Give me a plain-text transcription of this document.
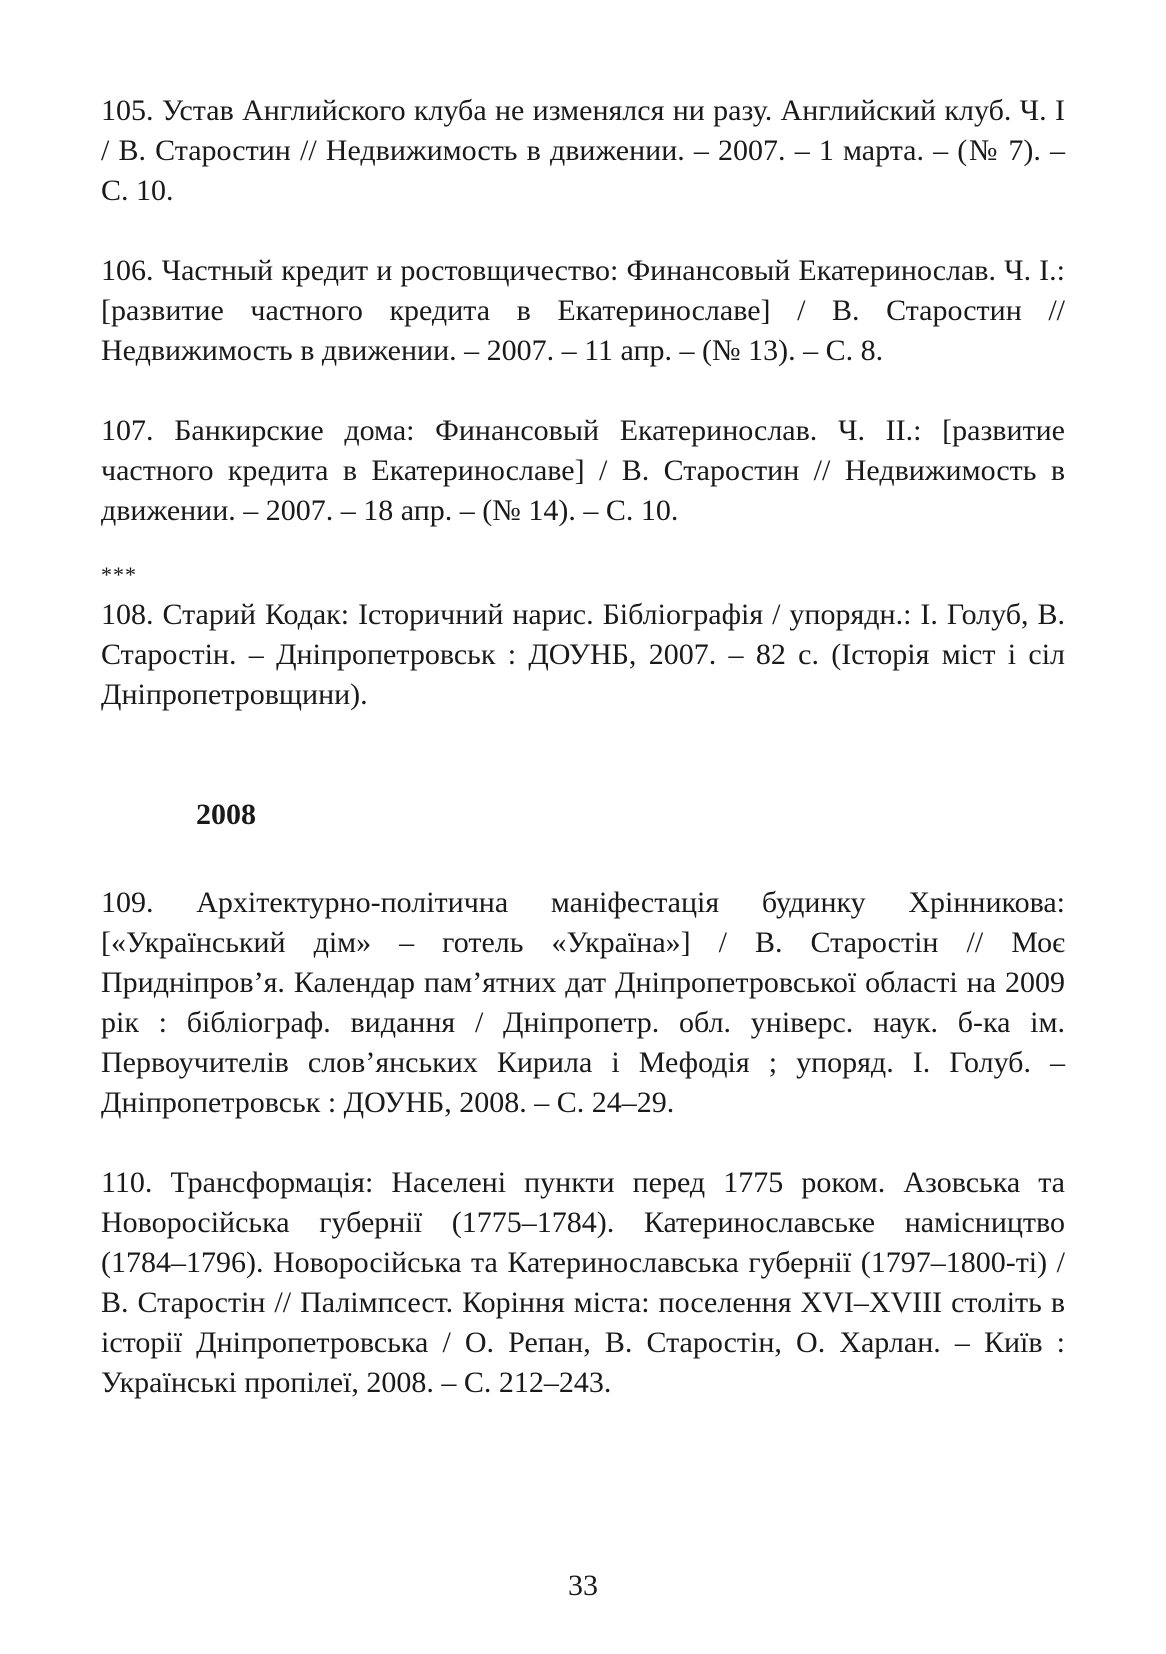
105. Устав Английского клуба не изменялся ни разу. Английский клуб. Ч. I / В. Старостин // Недвижимость в движении. – 2007. – 1 марта. – (№ 7). – С. 10.

106. Частный кредит и ростовщичество: Финансовый Екатеринослав. Ч. I.: [развитие частного кредита в Екатеринославе] / В. Старостин // Недвижимость в движении. – 2007. – 11 апр. – (№ 13). – С. 8.

107. Банкирские дома: Финансовый Екатеринослав. Ч. II.: [развитие частного кредита в Екатеринославе] / В. Старостин // Недвижимость в движении. – 2007. – 18 апр. – (№ 14). – С. 10.

***

108. Старий Кодак: Історичний нарис. Бібліографія / упорядн.: І. Голуб, В. Старостін. – Дніпропетровськ : ДОУНБ, 2007. – 82 с. (Історія міст і сіл Дніпропетровщини).

2008

109. Архітектурно-політична маніфестація будинку Хрінникова: [«Український дім» – готель «Україна»] / В. Старостін // Моє Придніпров’я. Календар пам’ятних дат Дніпропетровської області на 2009 рік : бібліограф. видання / Дніпропетр. обл. універс. наук. б-ка ім. Первоучителів слов’янських Кирила і Мефодія ; упоряд. І. Голуб. – Дніпропетровськ : ДОУНБ, 2008. – С. 24–29.

110. Трансформація: Населені пункти перед 1775 роком. Азовська та Новоросійська губернії (1775–1784). Катеринославське намісництво (1784–1796). Новоросійська та Катеринославська губернії (1797–1800-ті) / В. Старостін // Палімпсест. Коріння міста: поселення XVI–XVIII століть в історії Дніпропетровська / О. Репан, В. Старостін, О. Харлан. – Київ : Українські пропілеї, 2008. – С. 212–243.

33
